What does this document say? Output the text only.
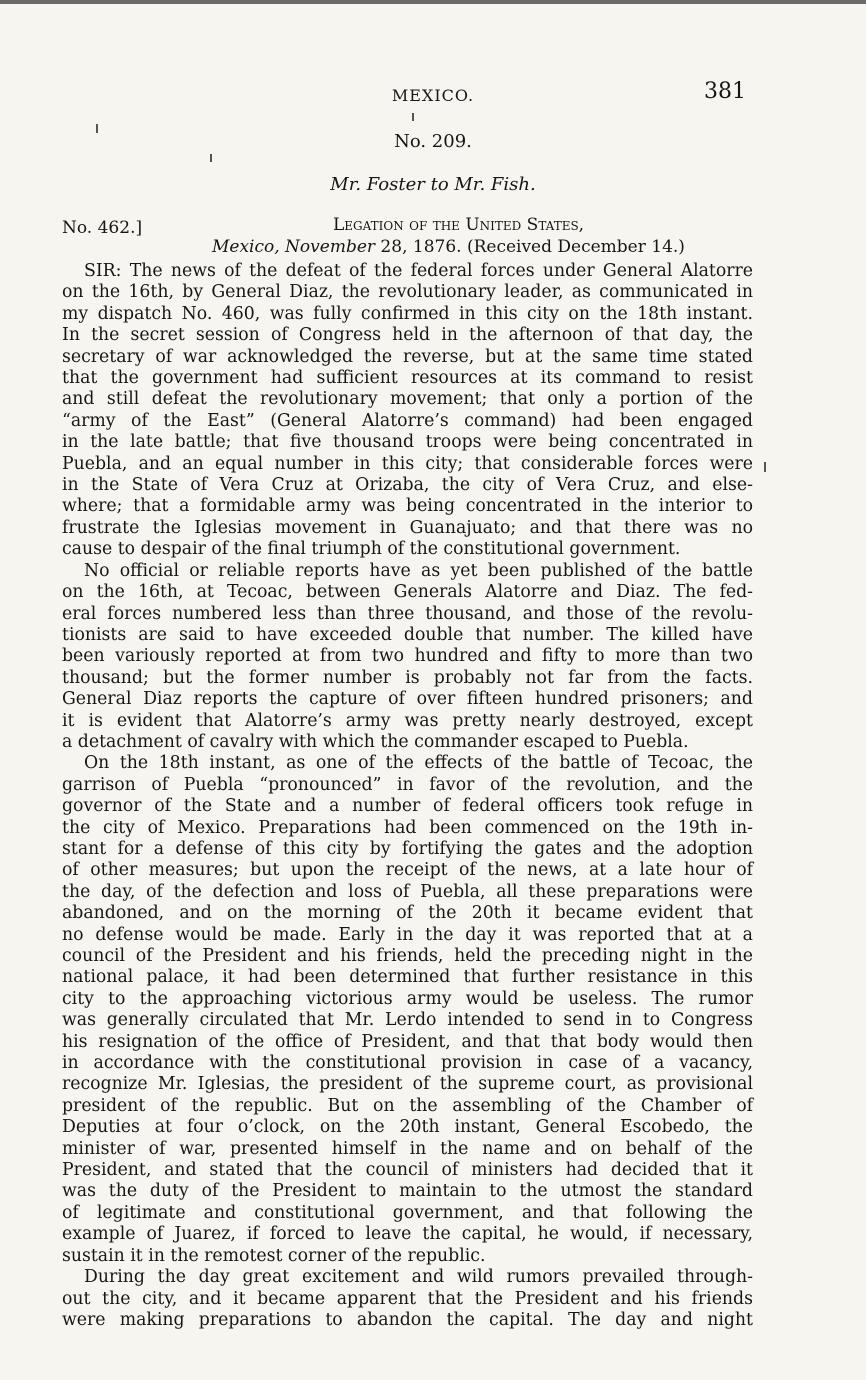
MEXICO.	381
No. 209.
Mr. Foster to Mr. Fish.
No. 462.]	Legation of the United States,
Mexico, November 28, 1876. (Received December 14.)
SIR: The news of the defeat of the federal forces under General Alatorre
on the 16th, by General Diaz, the revolutionary leader, as communicated in
my dispatch No. 460, was fully confirmed in this city on the 18th instant.
In the secret session of Congress held in the afternoon of that day, the
secretary of war acknowledged the reverse, but at the same time stated
that the government had sufficient resources at its command to resist
and still defeat the revolutionary movement; that only a portion of the
“army of the East” (General Alatorre’s command) had been engaged
in the late battle; that five thousand troops were being concentrated in
Puebla, and an equal number in this city; that considerable forces were
in the State of Vera Cruz at Orizaba, the city of Vera Cruz, and else-
where; that a formidable army was being concentrated in the interior to
frustrate the Iglesias movement in Guanajuato; and that there was no
cause to despair of the final triumph of the constitutional government.
No official or reliable reports have as yet been published of the battle
on the 16th, at Tecoac, between Generals Alatorre and Diaz. The fed-
eral forces numbered less than three thousand, and those of the revolu-
tionists are said to have exceeded double that number. The killed have
been variously reported at from two hundred and fifty to more than two
thousand; but the former number is probably not far from the facts.
General Diaz reports the capture of over fifteen hundred prisoners; and
it is evident that Alatorre’s army was pretty nearly destroyed, except
a detachment of cavalry with which the commander escaped to Puebla.
On the 18th instant, as one of the effects of the battle of Tecoac, the
garrison of Puebla “pronounced” in favor of the revolution, and the
governor of the State and a number of federal officers took refuge in
the city of Mexico. Preparations had been commenced on the 19th in-
stant for a defense of this city by fortifying the gates and the adoption
of other measures; but upon the receipt of the news, at a late hour of
the day, of the defection and loss of Puebla, all these preparations were
abandoned, and on the morning of the 20th it became evident that
no defense would be made. Early in the day it was reported that at a
council of the President and his friends, held the preceding night in the
national palace, it had been determined that further resistance in this
city to the approaching victorious army would be useless. The rumor
was generally circulated that Mr. Lerdo intended to send in to Congress
his resignation of the office of President, and that that body would then
in accordance with the constitutional provision in case of a vacancy,
recognize Mr. Iglesias, the president of the supreme court, as provisional
president of the republic. But on the assembling of the Chamber of
Deputies at four o’clock, on the 20th instant, General Escobedo, the
minister of war, presented himself in the name and on behalf of the
President, and stated that the council of ministers had decided that it
was the duty of the President to maintain to the utmost the standard
of legitimate and constitutional government, and that following the
example of Juarez, if forced to leave the capital, he would, if necessary,
sustain it in the remotest corner of the republic.
During the day great excitement and wild rumors prevailed through-
out the city, and it became apparent that the President and his friends
were making preparations to abandon the capital. The day and night
